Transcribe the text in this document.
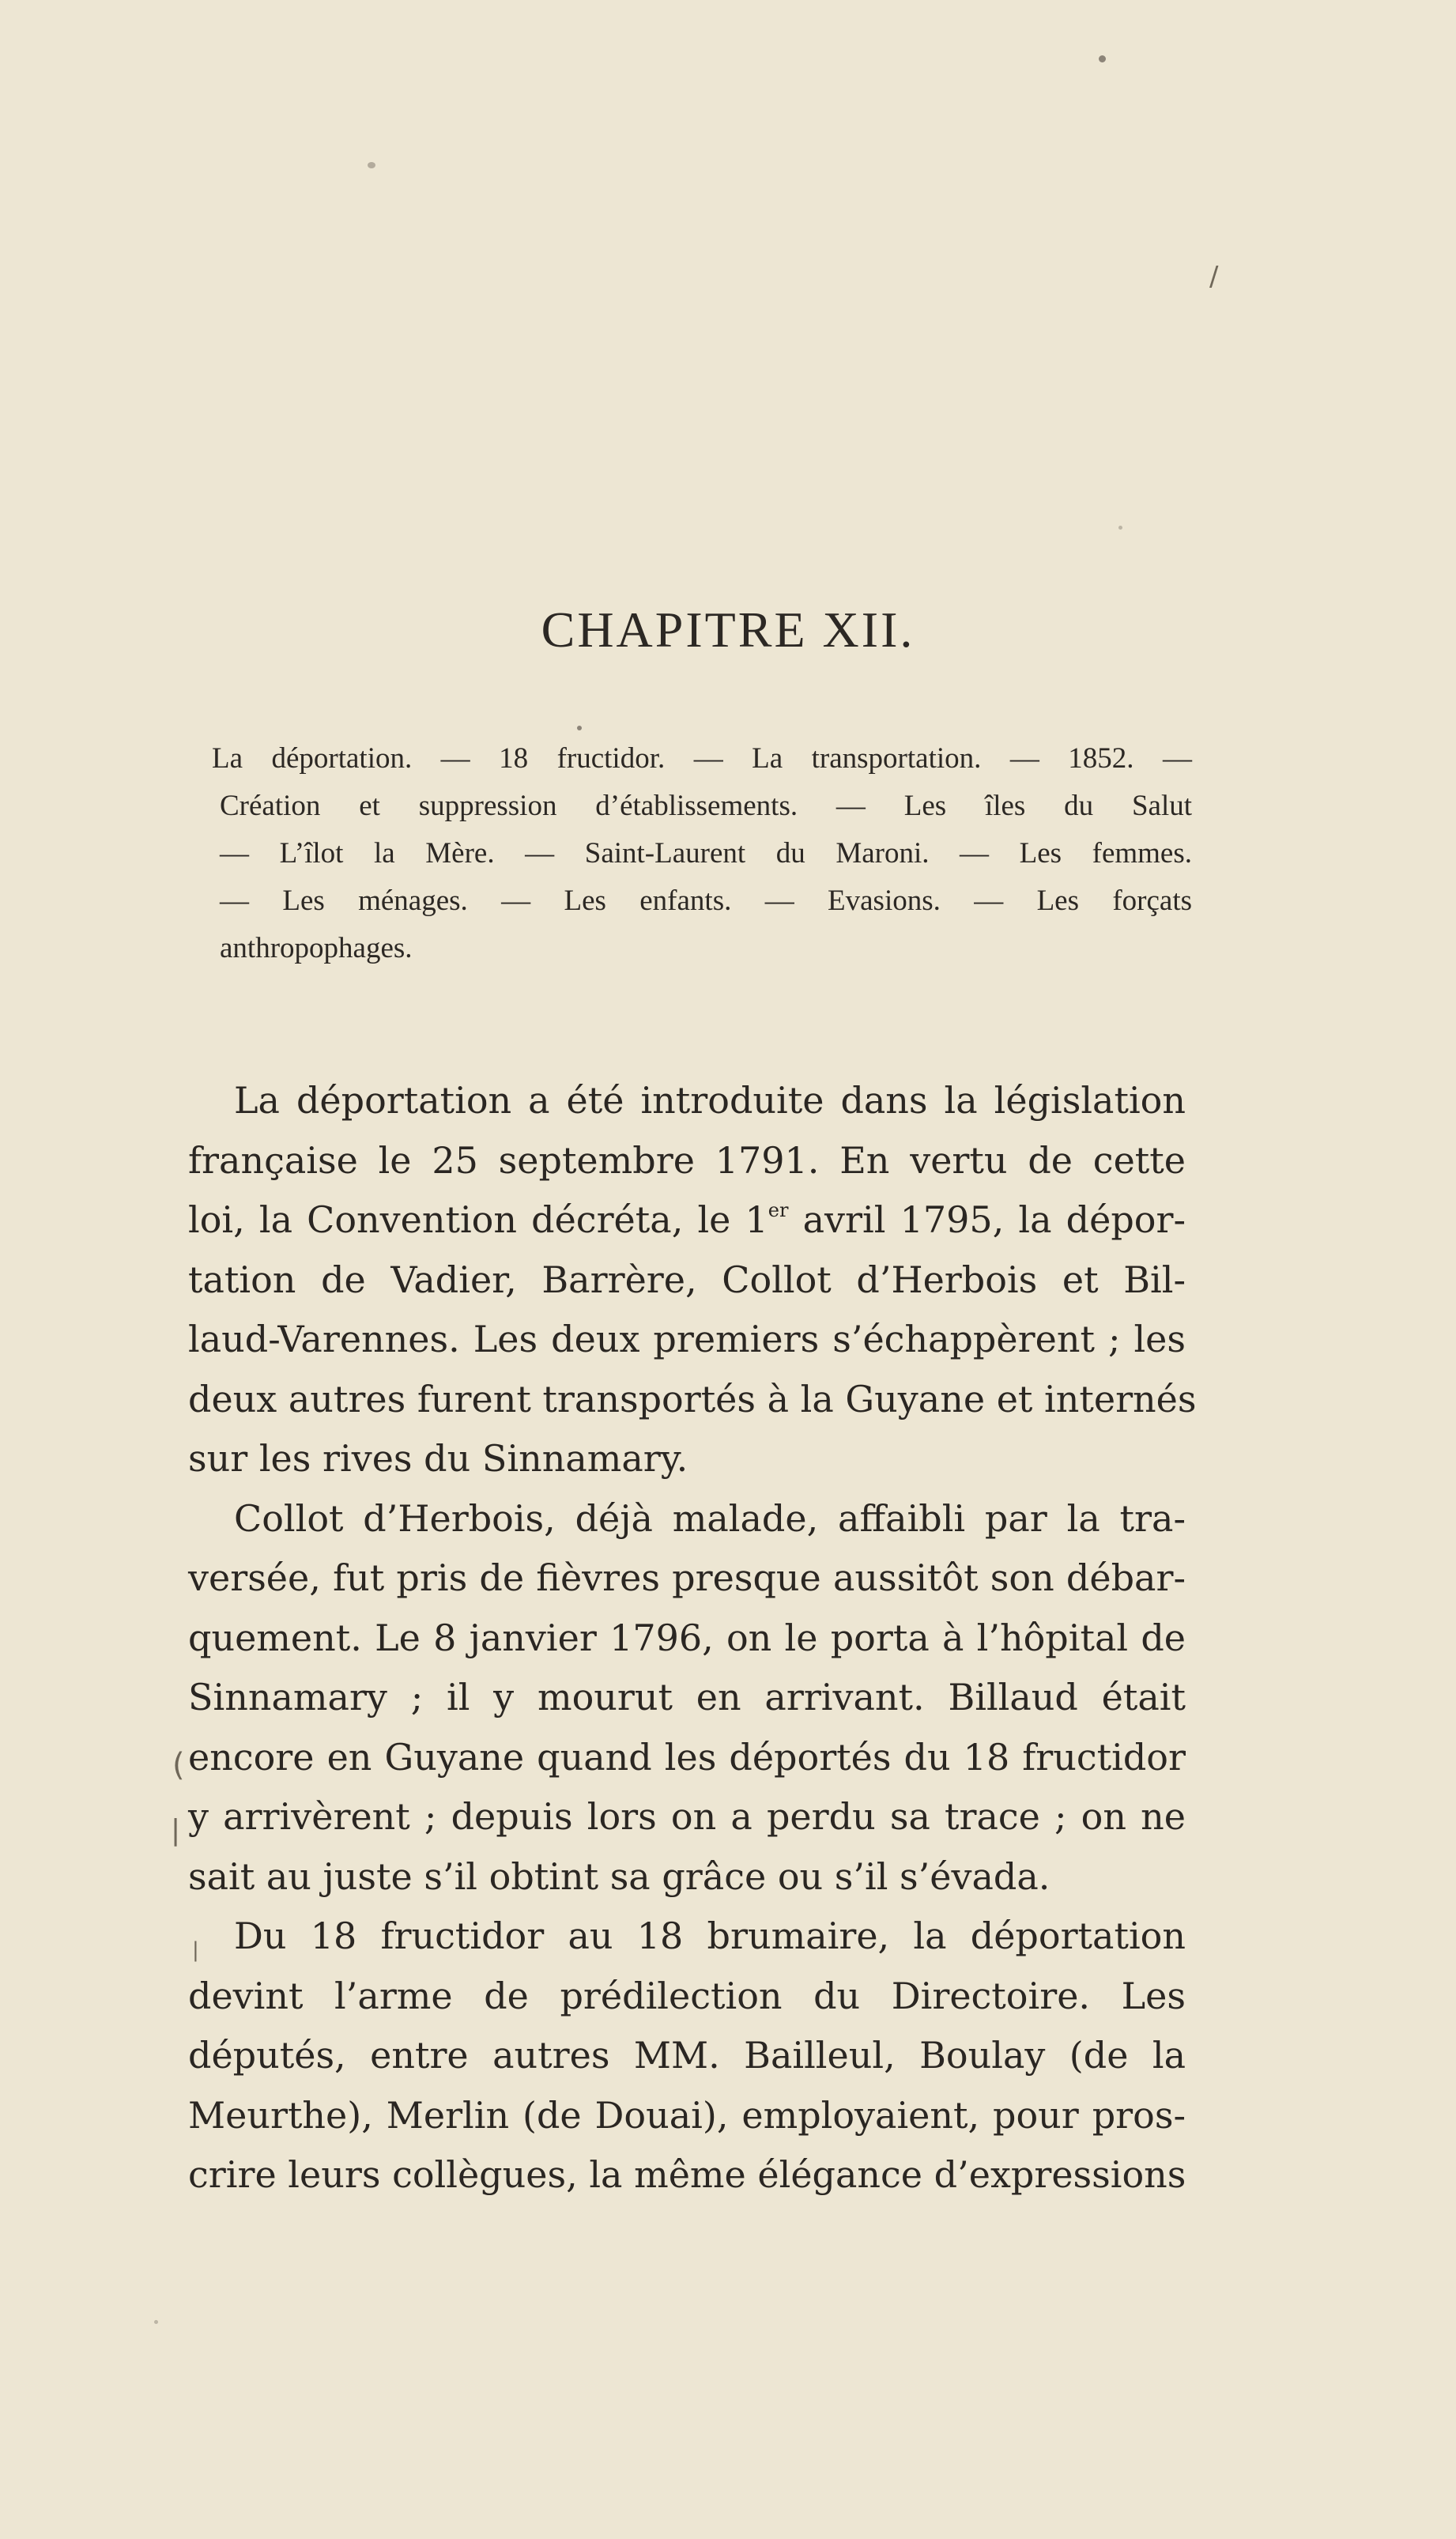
CHAPITRE XII.
La déportation. — 18 fructidor. — La transportation. — 1852. —
Création et suppression d’établissements. — Les îles du Salut
— L’îlot la Mère. — Saint-Laurent du Maroni. — Les femmes.
— Les ménages. — Les enfants. — Evasions. — Les forçats
anthropophages.
La déportation a été introduite dans la législation
française le 25 septembre 1791. En vertu de cette
loi, la Convention décréta, le 1er avril 1795, la dépor-
tation de Vadier, Barrère, Collot d’Herbois et Bil-
laud-Varennes. Les deux premiers s’échappèrent ; les
deux autres furent transportés à la Guyane et internés
sur les rives du Sinnamary.
Collot d’Herbois, déjà malade, affaibli par la tra-
versée, fut pris de fièvres presque aussitôt son débar-
quement. Le 8 janvier 1796, on le porta à l’hôpital de
Sinnamary ; il y mourut en arrivant. Billaud était
encore en Guyane quand les déportés du 18 fructidor
y arrivèrent ; depuis lors on a perdu sa trace ; on ne
sait au juste s’il obtint sa grâce ou s’il s’évada.
Du 18 fructidor au 18 brumaire, la déportation
devint l’arme de prédilection du Directoire. Les
députés, entre autres MM. Bailleul, Boulay (de la
Meurthe), Merlin (de Douai), employaient, pour pros-
crire leurs collègues, la même élégance d’expressions
/
(
|
|
